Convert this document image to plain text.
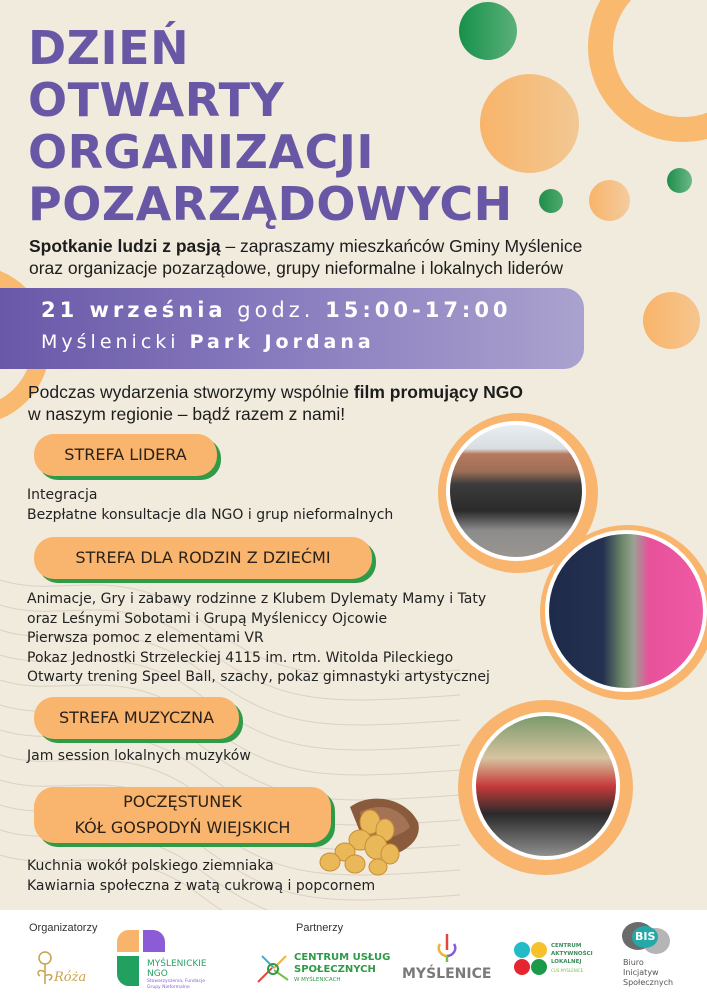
DZIEŃ
OTWARTY
ORGANIZACJI
POZARZĄDOWYCH
Spotkanie ludzi z pasją – zapraszamy mieszkańców Gminy Myślenice
oraz organizacje pozarządowe, grupy nieformalne i lokalnych liderów
21 września godz. 15:00-17:00
Myślenicki Park Jordana
Podczas wydarzenia stworzymy wspólnie film promujący NGO
w naszym regionie – bądź razem z nami!
STREFA LIDERA
Integracja
Bezpłatne konsultacje dla NGO i grup nieformalnych
STREFA DLA RODZIN Z DZIEĆMI
Animacje, Gry i zabawy rodzinne z Klubem Dylematy Mamy i Taty
oraz Leśnymi Sobotami i Grupą Myśleniccy Ojcowie
Pierwsza pomoc z elementami VR
Pokaz Jednostki Strzeleckiej 4115 im. rtm. Witolda Pileckiego
Otwarty trening Speel Ball, szachy, pokaz gimnastyki artystycznej
STREFA MUZYCZNA
Jam session lokalnych muzyków
POCZĘSTUNEK
KÓŁ GOSPODYŃ WIEJSKICH
Kuchnia wokół polskiego ziemniaka
Kawiarnia społeczna z watą cukrową i popcornem
Organizatorzy	Partnerzy
Róża
MYŚLENICKIE
NGO
Stowarzyszenia, Fundacje
Grupy Nieformalne
CENTRUM USŁUG
SPOŁECZNYCH
W MYŚLENICACH	MYŚLENICE
CENTRUM
AKTYWNOŚCI
LOKALNEJ
CUS MYŚLENICE
BIS
Biuro
Inicjatyw
Społecznych
